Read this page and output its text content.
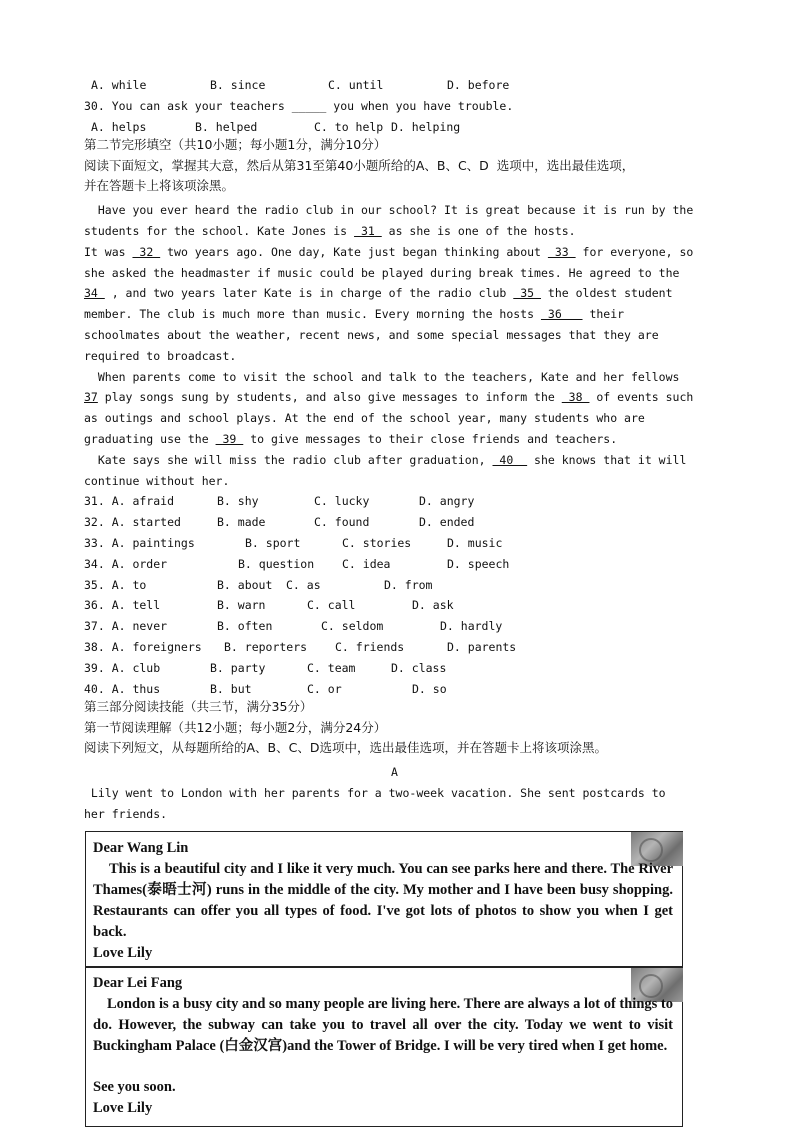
A. while	B. since	C. until	D. before
30. You can ask your teachers _____ you when you have trouble.
A. helps	B. helped	C. to help D. helping
第二节完形填空（共10小题；每小题1分，满分10分）
阅读下面短文，掌握其大意，然后从第31至第40小题所给的A、B、C、D  选项中，选出最佳选项，
并在答题卡上将该项涂黑。
Have you ever heard the radio club in our school? It is great because it is run by the
students for the school. Kate Jones is  31  as she is one of the hosts.
It was  32  two years ago. One day, Kate just began thinking about  33  for everyone, so
she asked the headmaster if music could be played during break times. He agreed to the
34  , and two years later Kate is in charge of the radio club  35  the oldest student
member. The club is much more than music. Every morning the hosts  36    their
schoolmates about the weather, recent news, and some special messages that they are
required to broadcast.
When parents come to visit the school and talk to the teachers, Kate and her fellows
37 play songs sung by students, and also give messages to inform the  38  of events such
as outings and school plays. At the end of the school year, many students who are
graduating use the  39  to give messages to their close friends and teachers.
Kate says she will miss the radio club after graduation,  40   she knows that it will
continue without her.
31. A. afraid	B. shy	C. lucky	D. angry
32. A. started	B. made	C. found	D. ended
33. A. paintings	B. sport	C. stories	D. music
34. A. order	B. question C. idea	D. speech
35. A. to	B. about C. as	D. from
36. A. tell	B. warn	C. call	D. ask
37. A. never	B. often	C. seldom	D. hardly
38. A. foreigners B. reporters C. friends	D. parents
39. A. club	B. party	C. team	D. class
40. A. thus	B. but	C. or	D. so
第三部分阅读技能（共三节，满分35分）
第一节阅读理解（共12小题；每小题2分，满分24分）
阅读下列短文，从每题所给的A、B、C、D选项中，选出最佳选项，并在答题卡上将该项涂黑。
A
Lily went to London with her parents for a two-week vacation. She sent postcards to
her friends.
Dear Wang Lin
This is a beautiful city and I like it very much. You can see parks here and there. The River Thames(泰晤士河) runs in the middle of the city. My mother and I have been busy shopping. Restaurants can offer you all types of food. I've got lots of photos to show you when I get back.
Love Lily
Dear Lei Fang
London is a busy city and so many people are living here. There are always a lot of things to do. However, the subway can take you to travel all over the city. Today we went to visit Buckingham Palace (白金汉宫)and the Tower of Bridge. I will be very tired when I get home.
See you soon.
Love Lily
